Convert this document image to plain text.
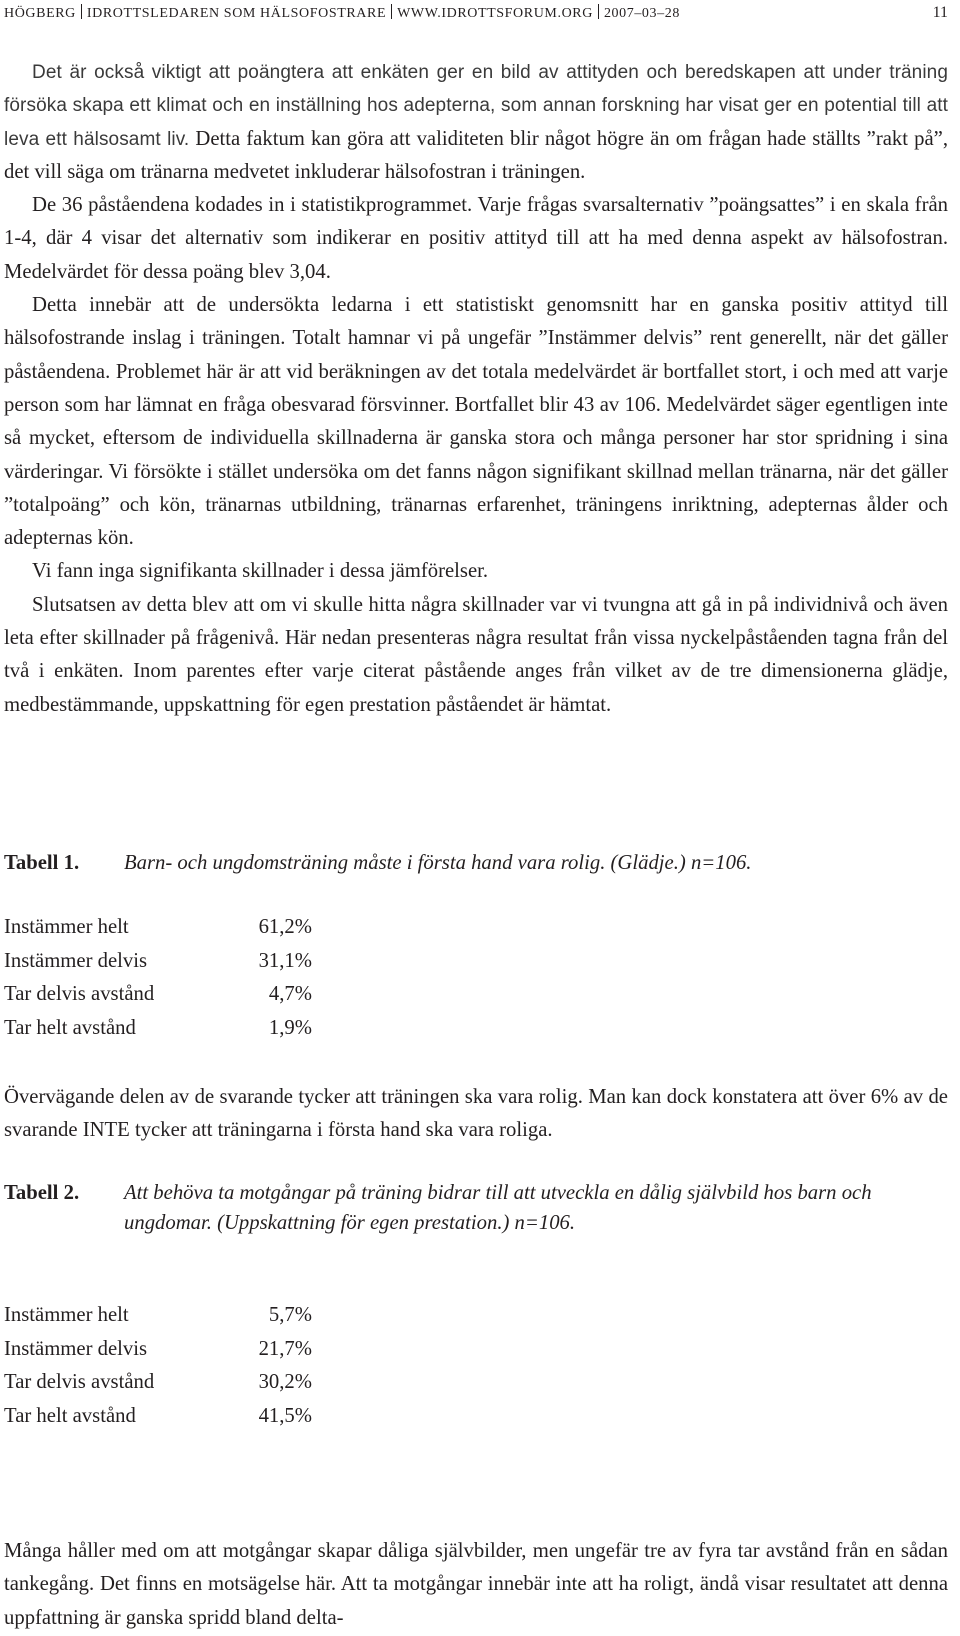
HÖGBERG IDROTTSLEDAREN SOM HÄLSOFOSTRARE WWW.IDROTTSFORUM.ORG 2007–03–28	11

Det är också viktigt att poängtera att enkäten ger en bild av attityden och beredskapen att under träning försöka skapa ett klimat och en inställning hos adepterna, som annan forskning har visat ger en potential till att leva ett hälsosamt liv. Detta faktum kan göra att validiteten blir något högre än om frågan hade ställts ”rakt på”, det vill säga om tränarna medvetet inkluderar hälsofostran i träningen.

De 36 påståendena kodades in i statistikprogrammet. Varje frågas svarsalternativ ”poängsattes” i en skala från 1-4, där 4 visar det alternativ som indikerar en positiv attityd till att ha med denna aspekt av hälsofostran. Medelvärdet för dessa poäng blev 3,04.

Detta innebär att de undersökta ledarna i ett statistiskt genomsnitt har en ganska positiv attityd till hälsofostrande inslag i träningen. Totalt hamnar vi på ungefär ”Instämmer delvis” rent generellt, när det gäller påståendena. Problemet här är att vid beräkningen av det totala medelvärdet är bortfallet stort, i och med att varje person som har lämnat en fråga obesvarad försvinner. Bortfallet blir 43 av 106. Medelvärdet säger egentligen inte så mycket, eftersom de individuella skillnaderna är ganska stora och många personer har stor spridning i sina värderingar. Vi försökte i stället undersöka om det fanns någon signifikant skillnad mellan tränarna, när det gäller ”totalpoäng” och kön, tränarnas utbildning, tränarnas erfarenhet, träningens inriktning, adepternas ålder och adepternas kön.

Vi fann inga signifikanta skillnader i dessa jämförelser.

Slutsatsen av detta blev att om vi skulle hitta några skillnader var vi tvungna att gå in på individnivå och även leta efter skillnader på frågenivå. Här nedan presenteras några resultat från vissa nyckelpåståenden tagna från del två i enkäten. Inom parentes efter varje citerat påstående anges från vilket av de tre dimensionerna glädje, medbestämmande, uppskattning för egen prestation påståendet är hämtat.

Tabell 1. Barn- och ungdomsträning måste i första hand vara rolig. (Glädje.) n=106.
Instämmer helt	61,2%
Instämmer delvis	31,1%
Tar delvis avstånd	4,7%
Tar helt avstånd	1,9%

Övervägande delen av de svarande tycker att träningen ska vara rolig. Man kan dock konstatera att över 6% av de svarande INTE tycker att träningarna i första hand ska vara roliga.

Tabell 2. Att behöva ta motgångar på träning bidrar till att utveckla en dålig självbild hos barn och ungdomar. (Uppskattning för egen prestation.) n=106.
Instämmer helt	5,7%
Instämmer delvis	21,7%
Tar delvis avstånd	30,2%
Tar helt avstånd	41,5%

Många håller med om att motgångar skapar dåliga självbilder, men ungefär tre av fyra tar avstånd från en sådan tankegång. Det finns en motsägelse här. Att ta motgångar innebär inte att ha roligt, ändå visar resultatet att denna uppfattning är ganska spridd bland delta-
